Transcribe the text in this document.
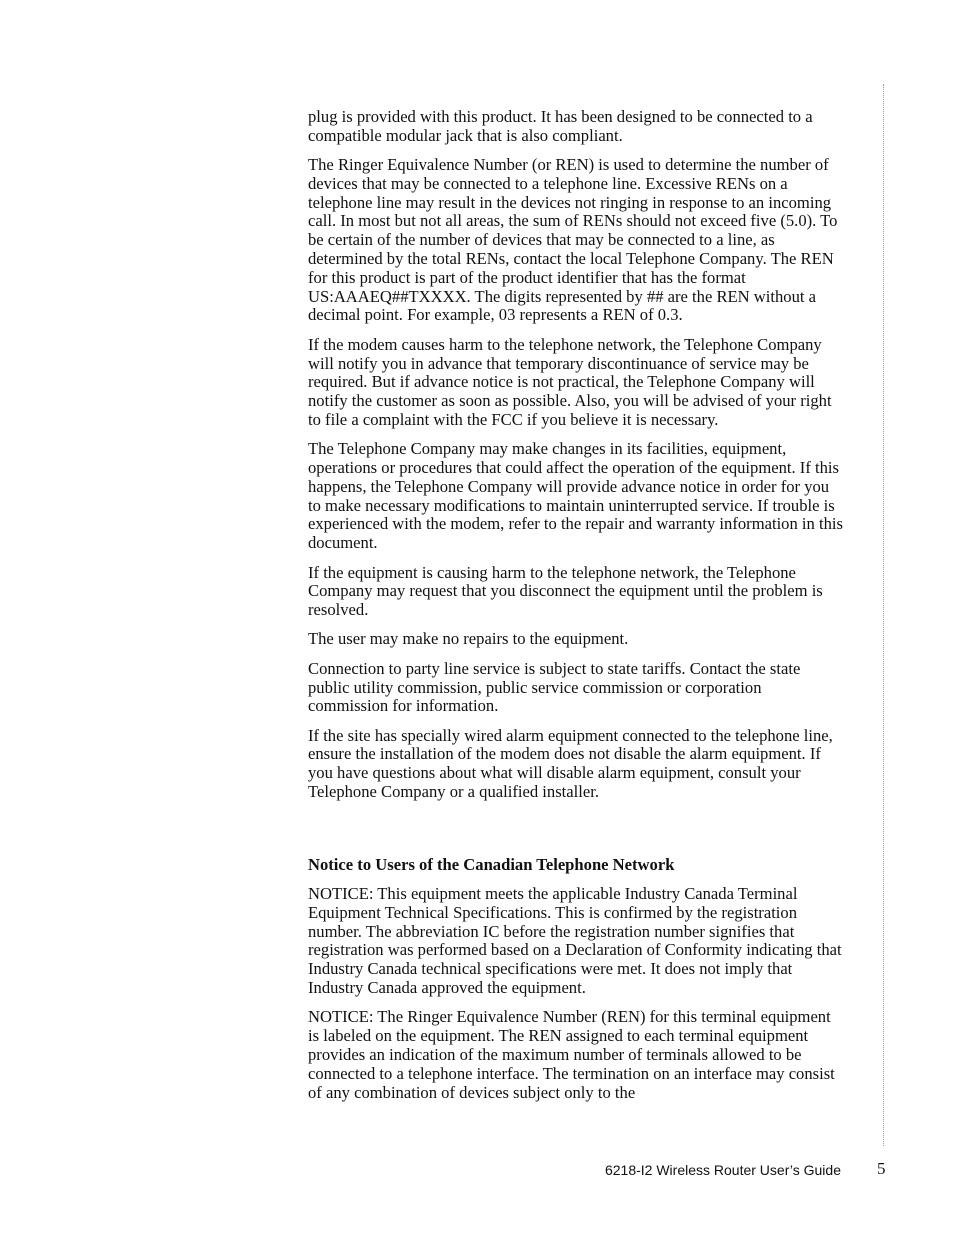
plug is provided with this product. It has been designed to be connected to a compatible modular jack that is also compliant.

The Ringer Equivalence Number (or REN) is used to determine the number of devices that may be connected to a telephone line. Excessive RENs on a telephone line may result in the devices not ringing in response to an incoming call. In most but not all areas, the sum of RENs should not exceed five (5.0). To be certain of the number of devices that may be connected to a line, as determined by the total RENs, contact the local Telephone Company. The REN for this product is part of the product identifier that has the format US:AAAEQ##TXXXX. The digits represented by ## are the REN without a decimal point. For example, 03 represents a REN of 0.3.

If the modem causes harm to the telephone network, the Telephone Company will notify you in advance that temporary discontinuance of service may be required. But if advance notice is not practical, the Telephone Company will notify the customer as soon as possible. Also, you will be advised of your right to file a complaint with the FCC if you believe it is necessary.

The Telephone Company may make changes in its facilities, equipment, operations or procedures that could affect the operation of the equipment. If this happens, the Telephone Company will provide advance notice in order for you to make necessary modifications to maintain uninterrupted service. If trouble is experienced with the modem, refer to the repair and warranty information in this document.

If the equipment is causing harm to the telephone network, the Telephone Company may request that you disconnect the equipment until the problem is resolved.

The user may make no repairs to the equipment.

Connection to party line service is subject to state tariffs. Contact the state public utility commission, public service commission or corporation commission for information.

If the site has specially wired alarm equipment connected to the telephone line, ensure the installation of the modem does not disable the alarm equipment. If you have questions about what will disable alarm equipment, consult your Telephone Company or a qualified installer.

Notice to Users of the Canadian Telephone Network

NOTICE: This equipment meets the applicable Industry Canada Terminal Equipment Technical Specifications. This is confirmed by the registration number. The abbreviation IC before the registration number signifies that registration was performed based on a Declaration of Conformity indicating that Industry Canada technical specifications were met. It does not imply that Industry Canada approved the equipment.

NOTICE: The Ringer Equivalence Number (REN) for this terminal equipment is labeled on the equipment. The REN assigned to each terminal equipment provides an indication of the maximum number of terminals allowed to be connected to a telephone interface. The termination on an interface may consist of any combination of devices subject only to the

6218-I2 Wireless Router User’s Guide 5
